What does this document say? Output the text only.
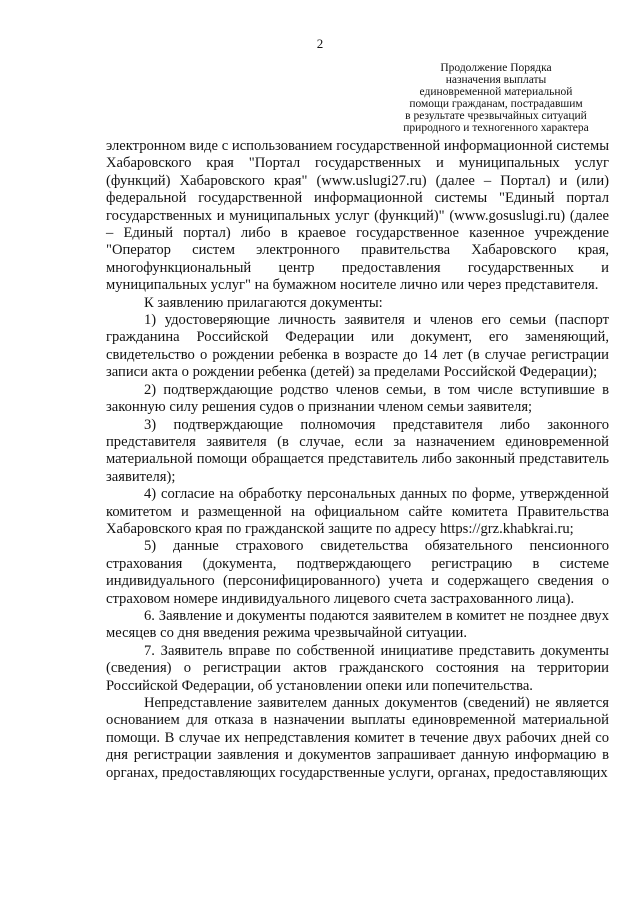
2
Продолжение Порядка
назначения выплаты
единовременной материальной
помощи гражданам, пострадавшим
в результате чрезвычайных ситуаций
природного и техногенного характера

электронном виде с использованием государственной информационной системы Хабаровского края "Портал государственных и муниципальных услуг (функций) Хабаровского края" (www.uslugi27.ru) (далее – Портал) и (или) федеральной государственной информационной системы "Единый портал государственных и муниципальных услуг (функций)" (www.gosuslugi.ru) (далее – Единый портал) либо в краевое государственное казенное учреждение "Оператор систем электронного правительства Хабаровского края, многофункциональный центр предоставления государственных и муниципальных услуг" на бумажном носителе лично или через представителя.

К заявлению прилагаются документы:

1) удостоверяющие личность заявителя и членов его семьи (паспорт гражданина Российской Федерации или документ, его заменяющий, свидетельство о рождении ребенка в возрасте до 14 лет (в случае регистрации записи акта о рождении ребенка (детей) за пределами Российской Федерации);

2) подтверждающие родство членов семьи, в том числе вступившие в законную силу решения судов о признании членом семьи заявителя;

3) подтверждающие полномочия представителя либо законного представителя заявителя (в случае, если за назначением единовременной материальной помощи обращается представитель либо законный представитель заявителя);

4) согласие на обработку персональных данных по форме, утвержденной комитетом и размещенной на официальном сайте комитета Правительства Хабаровского края по гражданской защите по адресу https://grz.khabkrai.ru;

5) данные страхового свидетельства обязательного пенсионного страхования (документа, подтверждающего регистрацию в системе индивидуального (персонифицированного) учета и содержащего сведения о страховом номере индивидуального лицевого счета застрахованного лица).

6. Заявление и документы подаются заявителем в комитет не позднее двух месяцев со дня введения режима чрезвычайной ситуации.

7. Заявитель вправе по собственной инициативе представить документы (сведения) о регистрации актов гражданского состояния на территории Российской Федерации, об установлении опеки или попечительства.

Непредставление заявителем данных документов (сведений) не является основанием для отказа в назначении выплаты единовременной материальной помощи. В случае их непредставления комитет в течение двух рабочих дней со дня регистрации заявления и документов запрашивает данную информацию в органах, предоставляющих государственные услуги, органах, предоставляющих
